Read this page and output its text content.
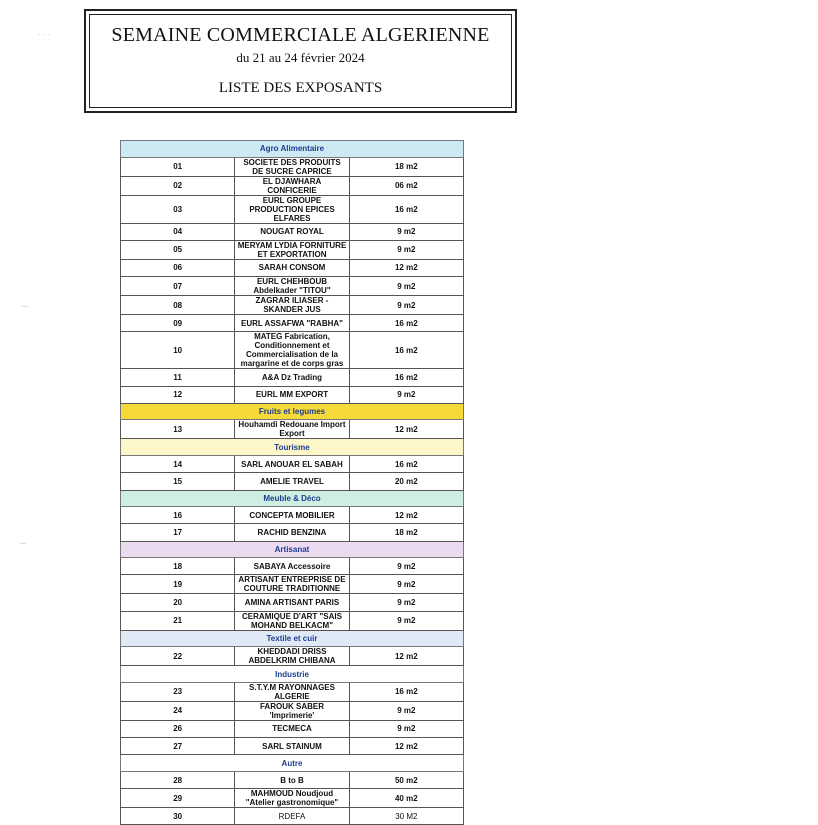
SEMAINE COMMERCIALE ALGERIENNE
du 21 au 24 février 2024
LISTE DES EXPOSANTS
· · ·
‿
‿
Agro Alimentaire		
01	SOCIETE DES PRODUITS DE SUCRE CAPRICE	18 m2
02	EL DJAWHARA CONFICERIE	06 m2
03	EURL GROUPE PRODUCTION EPICES ELFARES	16 m2
04	NOUGAT ROYAL	9 m2
05	MERYAM LYDIA FORNITURE ET EXPORTATION	9 m2
06	SARAH CONSOM	12 m2
07	EURL CHEHBOUB Abdelkader "TITOU"	9 m2
08	ZAGRAR ILIASER - SKANDER JUS	9 m2
09	EURL ASSAFWA "RABHA"	16 m2
10	MATEG Fabrication, Conditionnement et Commercialisation de la margarine et de corps gras	16 m2
11	A&A Dz Trading	16 m2
12	EURL MM EXPORT	9 m2
Fruits et legumes		
13	Houhamdi Redouane Import Export	12 m2
Tourisme		
14	SARL ANOUAR EL SABAH	16 m2
15	AMELIE TRAVEL	20 m2
Meuble & Déco		
16	CONCEPTA MOBILIER	12 m2
17	RACHID BENZINA	18 m2
Artisanat		
18	SABAYA Accessoire	9 m2
19	ARTISANT ENTREPRISE DE COUTURE TRADITIONNE	9 m2
20	AMINA ARTISANT PARIS	9 m2
21	CERAMIQUE D'ART "SAIS MOHAND BELKACM"	9 m2
Textile et cuir		
22	KHEDDADI DRISS ABDELKRIM CHIBANA	12 m2
Industrie		
23	S.T.Y.M RAYONNAGES ALGERIE	16 m2
24	FAROUK SABER 'Imprimerie'	9 m2
26	TECMECA	9 m2
27	SARL STAINUM	12 m2
Autre		
28	B to B	50 m2
29	MAHMOUD Noudjoud "Atelier gastronomique"	40 m2
30	RDEFA	30 M2
